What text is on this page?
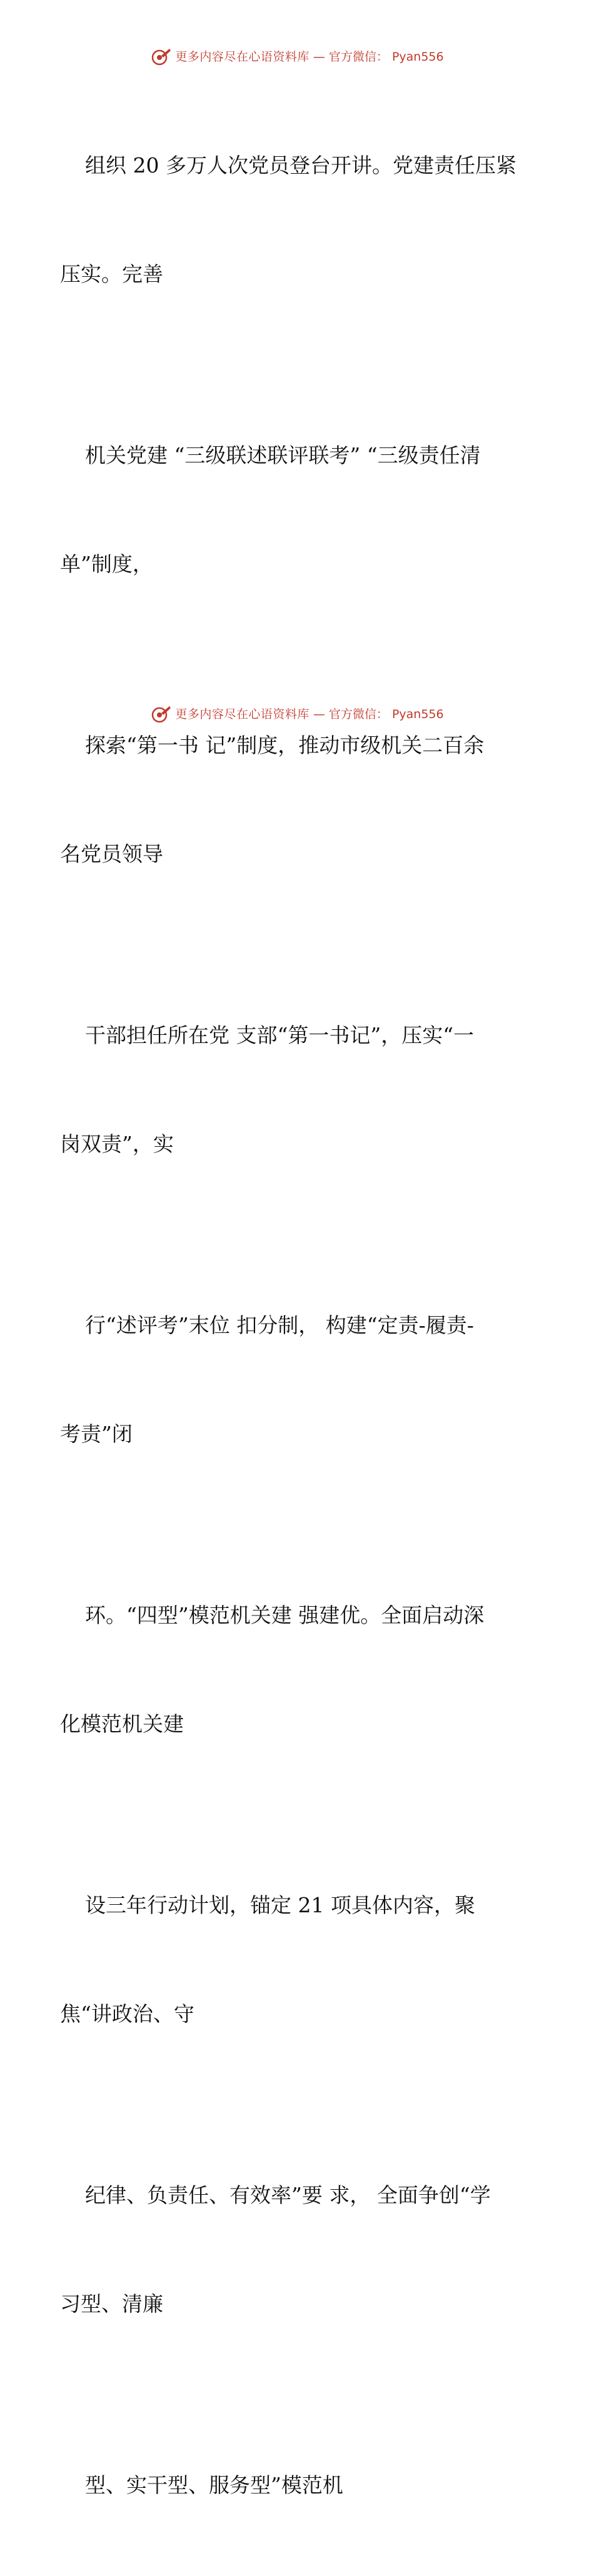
更多内容尽在心语资料库 — 官方微信： Pyan556

组织 20 多万人次党员登台开讲。党建责任压紧

压实。完善

机关党建 “三级联述联评联考” “三级责任清

单”制度，

探索“第一书 记”制度，推动市级机关二百余

名党员领导

干部担任所在党 支部“第一书记”，压实“一

岗双责”，实

行“述评考”末位 扣分制， 构建“定责-履责-

考责”闭

环。“四型”模范机关建 强建优。全面启动深

化模范机关建

设三年行动计划，锚定 21 项具体内容，聚

焦“讲政治、守

纪律、负责任、有效率”要 求， 全面争创“学

习型、清廉

型、实干型、服务型”模范机

更多内容尽在心语资料库 — 官方微信： Pyan556
